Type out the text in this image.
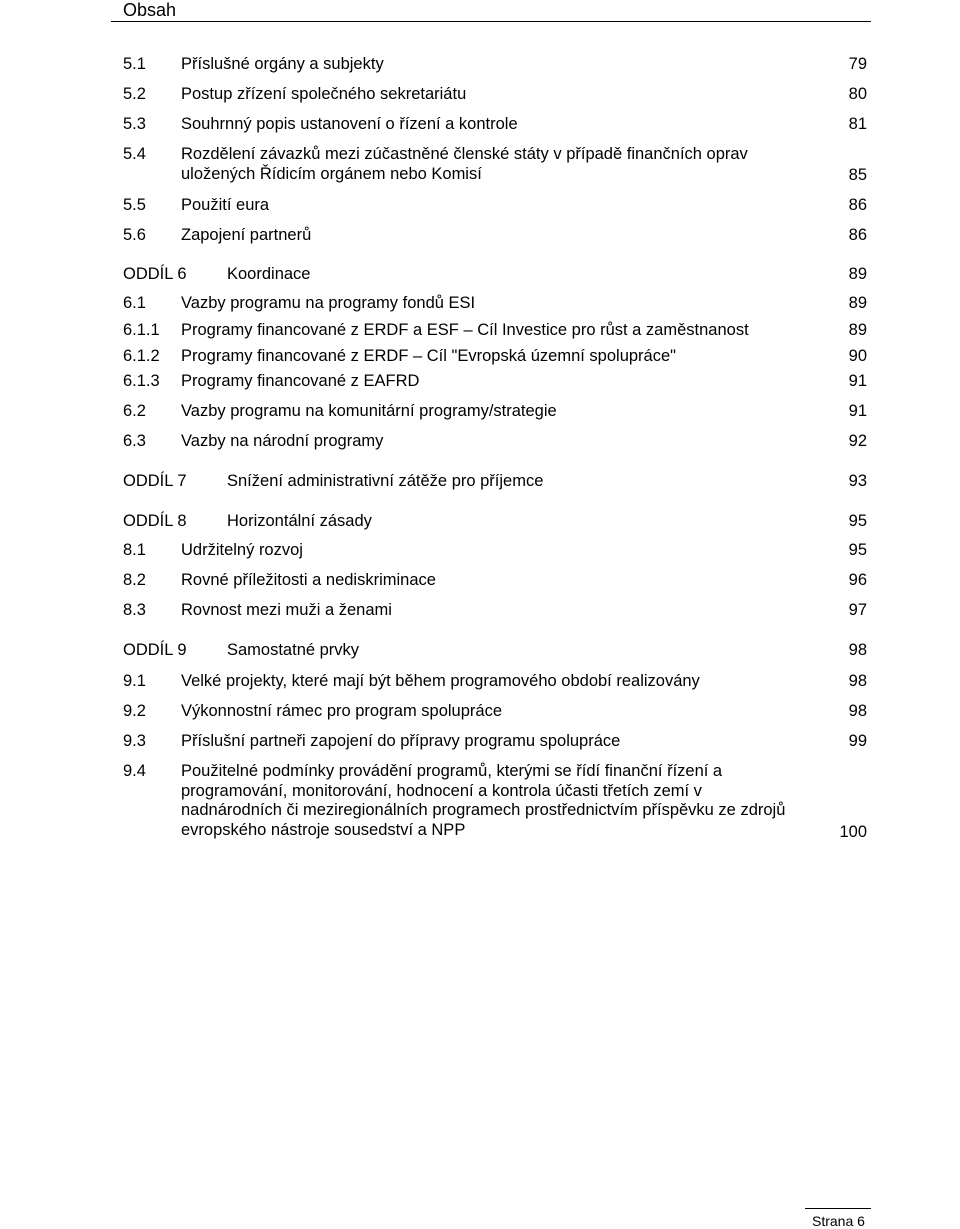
Obsah
5.1 Příslušné orgány a subjekty	79
5.2 Postup zřízení společného sekretariátu	80
5.3 Souhrnný popis ustanovení o řízení a kontrole	81
5.4 Rozdělení závazků mezi zúčastněné členské státy v případě finančních oprav uložených Řídicím orgánem nebo Komisí	85
5.5 Použití eura	86
5.6 Zapojení partnerů	86
ODDÍL 6 Koordinace	89
6.1 Vazby programu na programy fondů ESI	89
6.1.1 Programy financované z ERDF a ESF – Cíl Investice pro růst a zaměstnanost	89
6.1.2 Programy financované z ERDF – Cíl "Evropská územní spolupráce"	90
6.1.3 Programy financované z EAFRD	91
6.2 Vazby programu na komunitární programy/strategie	91
6.3 Vazby na národní programy	92
ODDÍL 7 Snížení administrativní zátěže pro příjemce	93
ODDÍL 8 Horizontální zásady	95
8.1 Udržitelný rozvoj	95
8.2 Rovné příležitosti a nediskriminace	96
8.3 Rovnost mezi muži a ženami	97
ODDÍL 9 Samostatné prvky	98
9.1 Velké projekty, které mají být během programového období realizovány	98
9.2 Výkonnostní rámec pro program spolupráce	98
9.3 Příslušní partneři zapojení do přípravy programu spolupráce	99
9.4 Použitelné podmínky provádění programů, kterými se řídí finanční řízení a programování, monitorování, hodnocení a kontrola účasti třetích zemí v nadnárodních či meziregionálních programech prostřednictvím příspěvku ze zdrojů evropského nástroje sousedství a NPP	100
Strana 6
